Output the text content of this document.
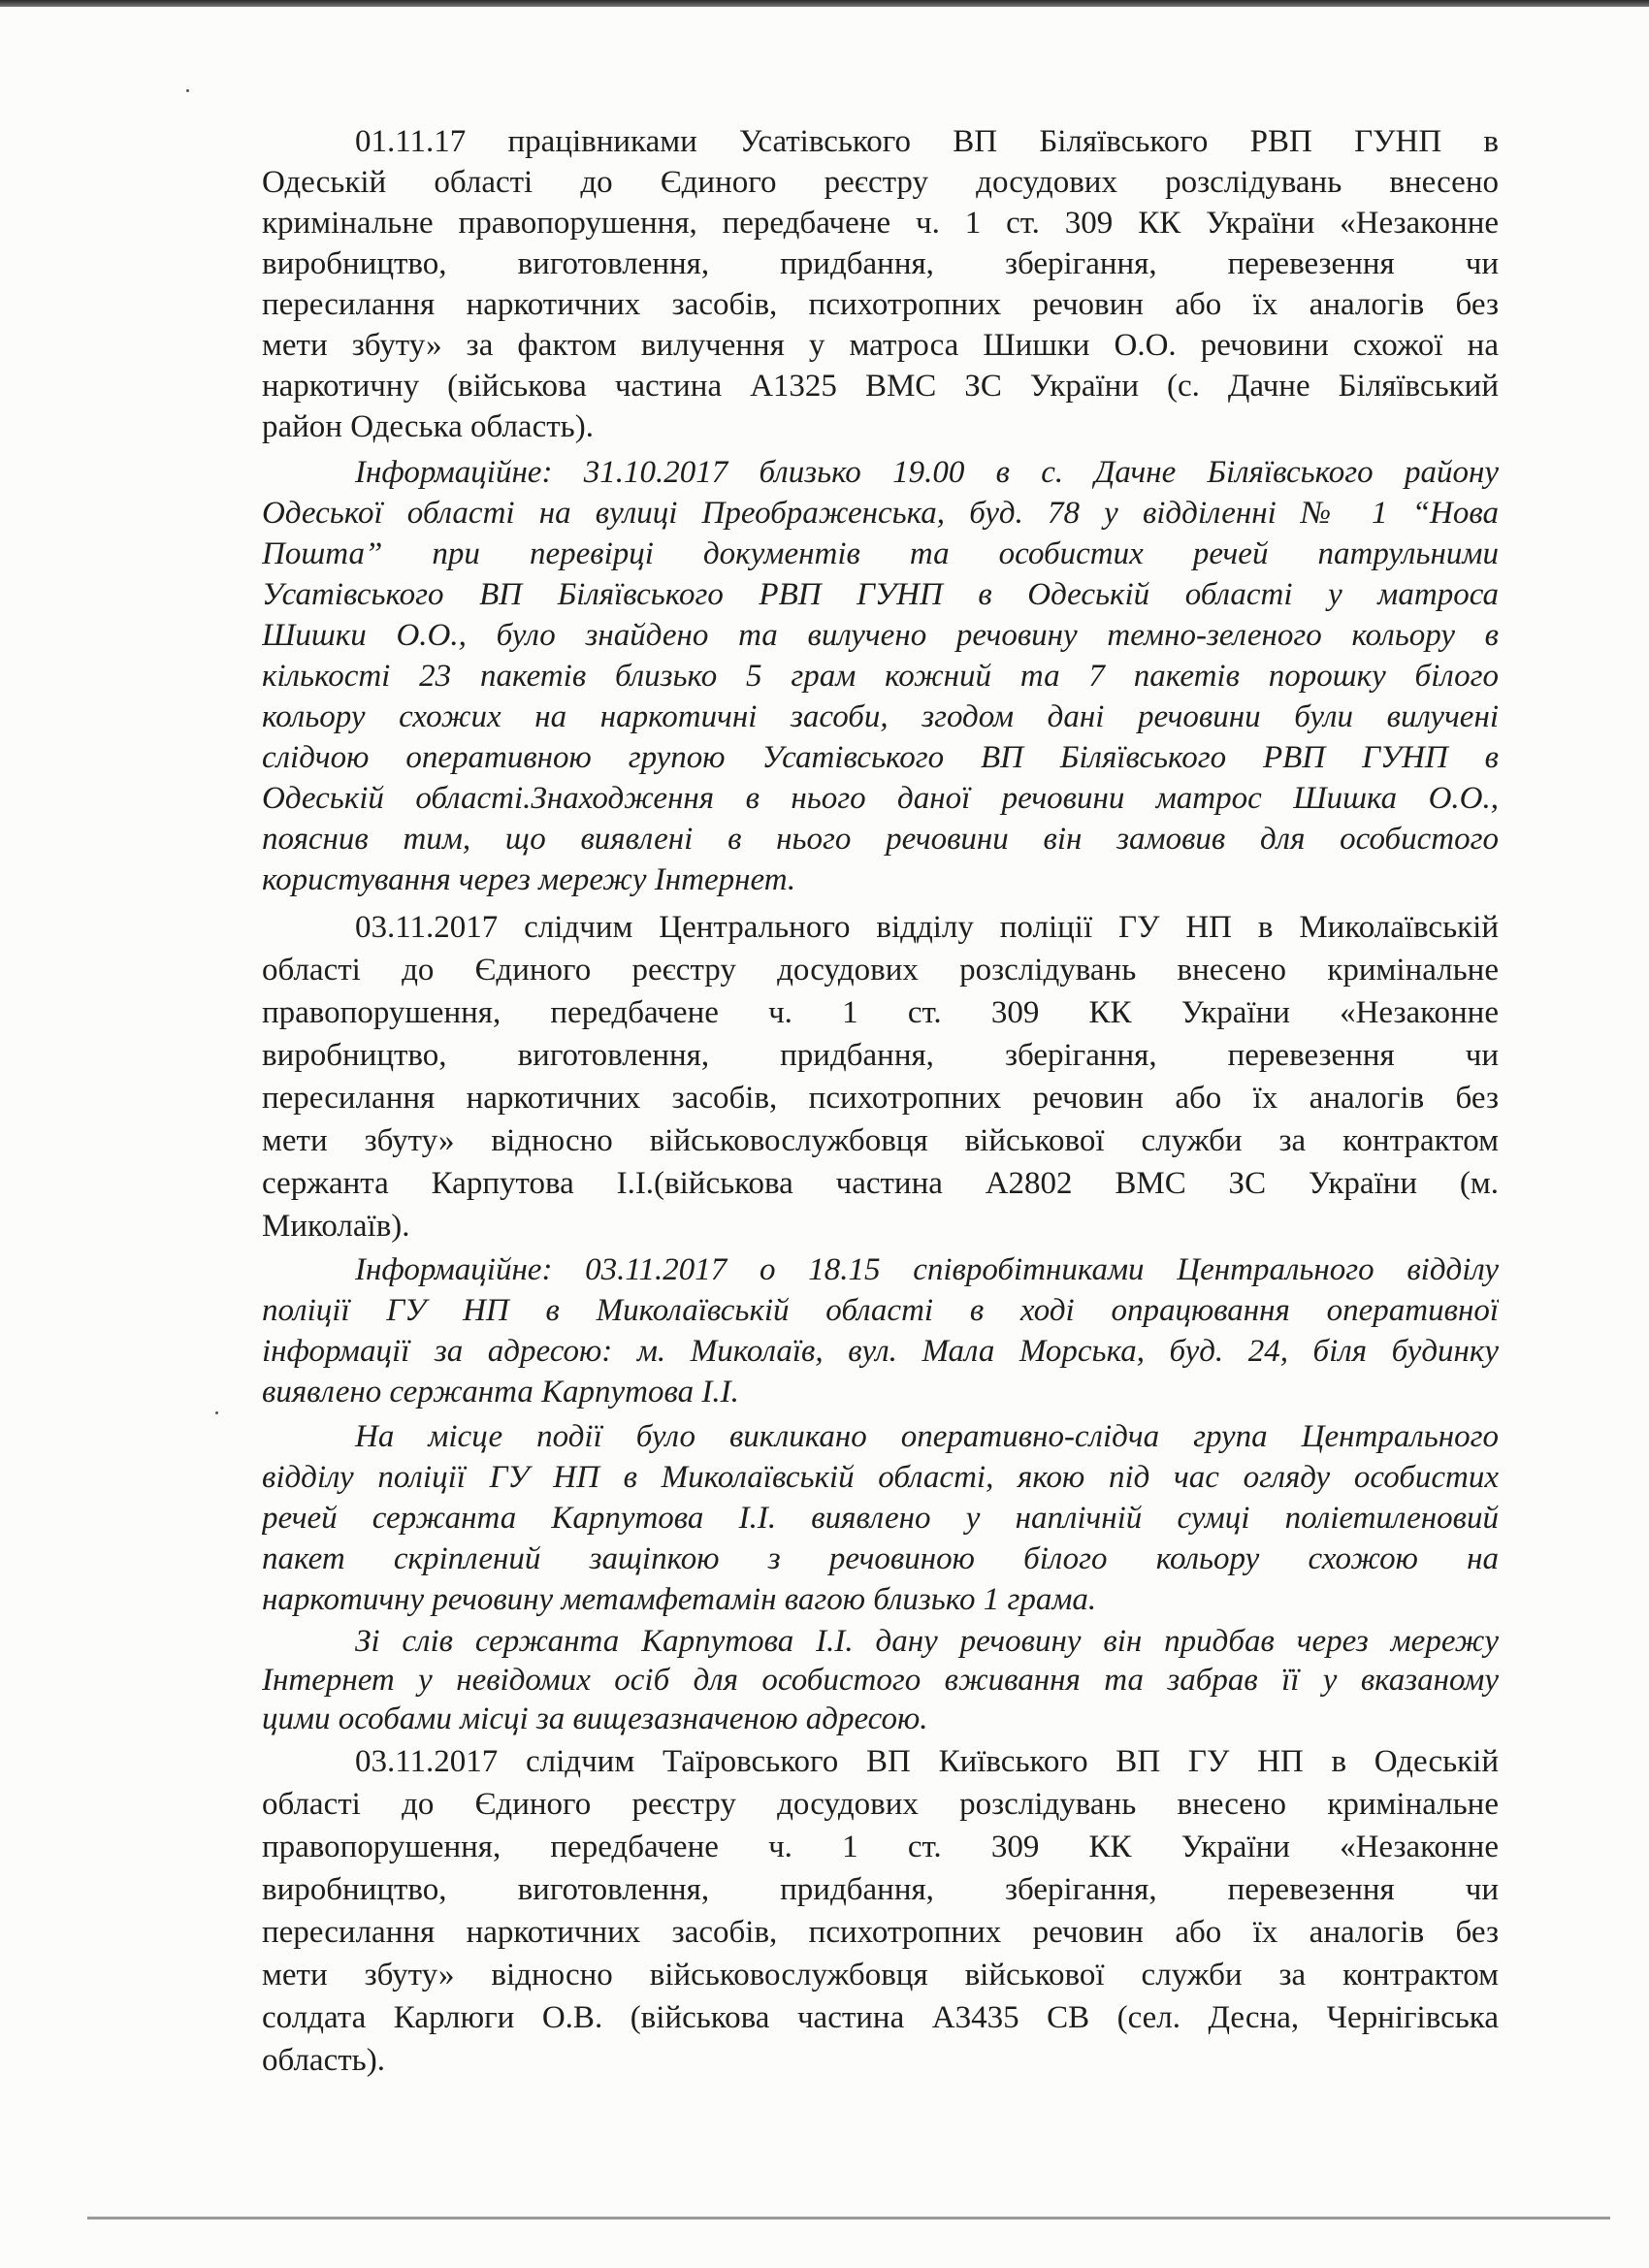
01.11.17 працівниками Усатівського ВП Біляївського РВП ГУНП в
Одеській області до Єдиного реєстру досудових розслідувань внесено
кримінальне правопорушення, передбачене ч. 1 ст. 309 КК України «Незаконне
виробництво, виготовлення, придбання, зберігання, перевезення чи
пересилання наркотичних засобів, психотропних речовин або їх аналогів без
мети збуту» за фактом вилучення у матроса Шишки О.О. речовини схожої на
наркотичну (військова частина А1325 ВМС ЗС України (с. Дачне Біляївський
район Одеська область).
Інформаційне: 31.10.2017 близько 19.00 в с. Дачне Біляївського району
Одеської області на вулиці Преображенська, буд. 78 у відділенні № 1 “Нова
Пошта” при перевірці документів та особистих речей патрульними
Усатівського ВП Біляївського РВП ГУНП в Одеській області у матроса
Шишки О.О., було знайдено та вилучено речовину темно-зеленого кольору в
кількості 23 пакетів близько 5 грам кожний та 7 пакетів порошку білого
кольору схожих на наркотичні засоби, згодом дані речовини були вилучені
слідчою оперативною групою Усатівського ВП Біляївського РВП ГУНП в
Одеській області.Знаходження в нього даної речовини матрос Шишка О.О.,
пояснив тим, що виявлені в нього речовини він замовив для особистого
користування через мережу Інтернет.
03.11.2017 слідчим Центрального відділу поліції ГУ НП в Миколаївській
області до Єдиного реєстру досудових розслідувань внесено кримінальне
правопорушення, передбачене ч. 1 ст. 309 КК України «Незаконне
виробництво, виготовлення, придбання, зберігання, перевезення чи
пересилання наркотичних засобів, психотропних речовин або їх аналогів без
мети збуту» відносно військовослужбовця військової служби за контрактом
сержанта Карпутова І.І.(військова частина А2802 ВМС ЗС України (м.
Миколаїв).
Інформаційне: 03.11.2017 о 18.15 співробітниками Центрального відділу
поліції ГУ НП в Миколаївській області в ході опрацювання оперативної
інформації за адресою: м. Миколаїв, вул. Мала Морська, буд. 24, біля будинку
виявлено сержанта Карпутова І.І.
На місце події було викликано оперативно-слідча група Центрального
відділу поліції ГУ НП в Миколаївській області, якою під час огляду особистих
речей сержанта Карпутова І.І. виявлено у наплічній сумці поліетиленовий
пакет скріплений защіпкою з речовиною білого кольору схожою на
наркотичну речовину метамфетамін вагою близько 1 грама.
Зі слів сержанта Карпутова І.І. дану речовину він придбав через мережу
Інтернет у невідомих осіб для особистого вживання та забрав її у вказаному
цими особами місці за вищезазначеною адресою.
03.11.2017 слідчим Таїровського ВП Київського ВП ГУ НП в Одеській
області до Єдиного реєстру досудових розслідувань внесено кримінальне
правопорушення, передбачене ч. 1 ст. 309 КК України «Незаконне
виробництво, виготовлення, придбання, зберігання, перевезення чи
пересилання наркотичних засобів, психотропних речовин або їх аналогів без
мети збуту» відносно військовослужбовця військової служби за контрактом
солдата Карлюги О.В. (військова частина А3435 СВ (сел. Десна, Чернігівська
область).
